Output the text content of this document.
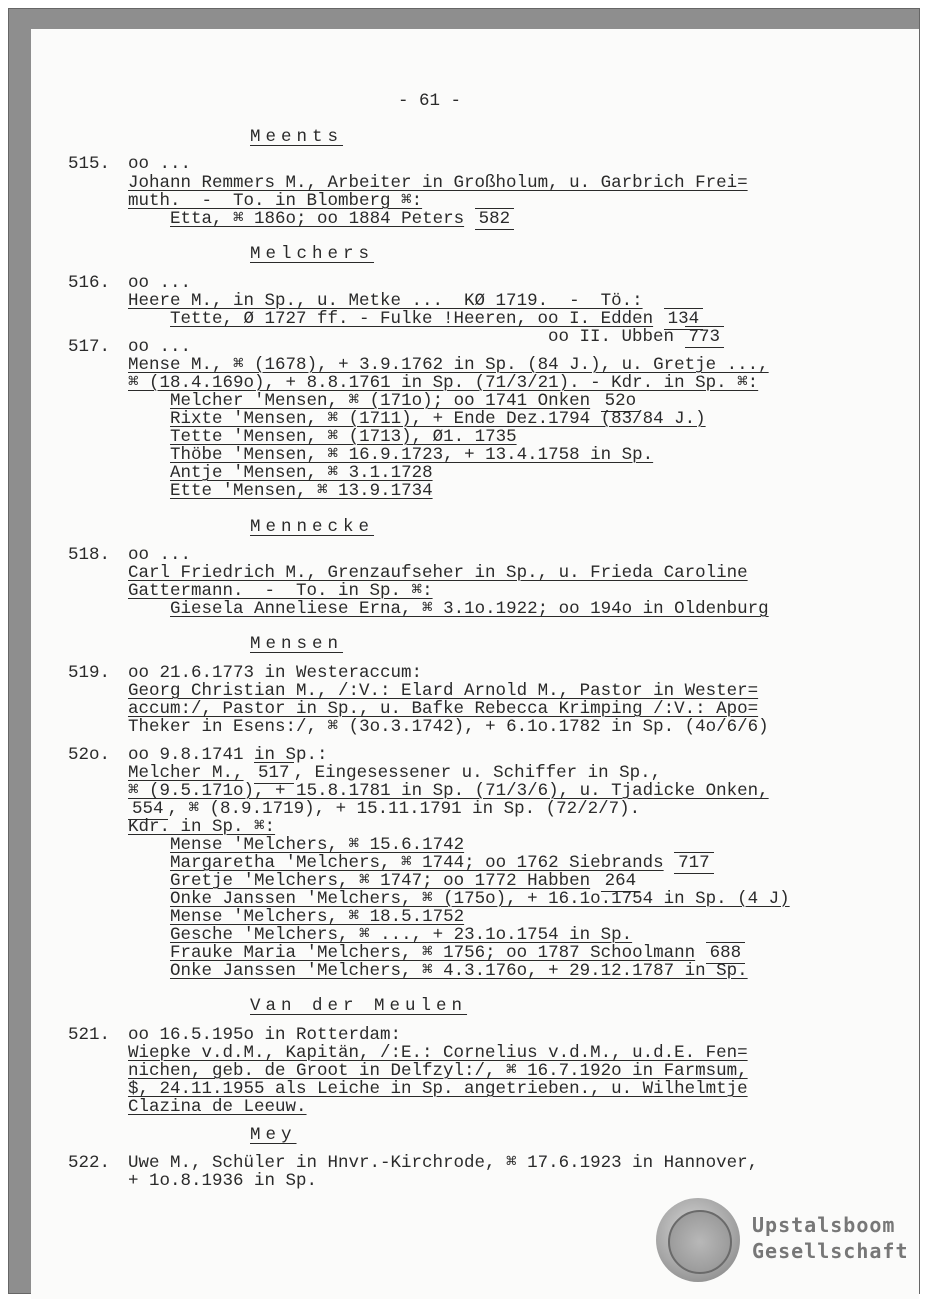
- 61 -

Meents

515.

oo ...

Johann Remmers M., Arbeiter in Großholum, u. Garbrich Frei=

muth.  -  To. in Blomberg ⌘:

Etta, ⌘ 186o; oo 1884 Peters 582

Melchers

516.

oo ...

Heere M., in Sp., u. Metke ...  KØ 1719.  -  Tö.:

Tette, Ø 1727 ff. - Fulke !Heeren, oo I. Edden 134

oo II. Ubben 773

517.

oo ...

Mense M., ⌘ (1678), + 3.9.1762 in Sp. (84 J.), u. Gretje ...,

⌘ (18.4.169o), + 8.8.1761 in Sp. (71/3/21). - Kdr. in Sp. ⌘:

Melcher 'Mensen, ⌘ (171o); oo 1741 Onken 52o

Rixte 'Mensen, ⌘ (1711), + Ende Dez.1794 (83/84 J.)

Tette 'Mensen, ⌘ (1713), Ø1. 1735

Thöbe 'Mensen, ⌘ 16.9.1723, + 13.4.1758 in Sp.

Antje 'Mensen, ⌘ 3.1.1728

Ette 'Mensen, ⌘ 13.9.1734

Mennecke

518.

oo ...

Carl Friedrich M., Grenzaufseher in Sp., u. Frieda Caroline

Gattermann.  -  To. in Sp. ⌘:

Giesela Anneliese Erna, ⌘ 3.1o.1922; oo 194o in Oldenburg

Mensen

519.

oo 21.6.1773 in Westeraccum:

Georg Christian M., /:V.: Elard Arnold M., Pastor in Wester=

accum:/, Pastor in Sp., u. Bafke Rebecca Krimping /:V.: Apo=

Theker in Esens:/, ⌘ (3o.3.1742), + 6.1o.1782 in Sp. (4o/6/6)

52o.

oo 9.8.1741 in Sp.:

Melcher M., 517 , Eingesessener u. Schiffer in Sp.,

⌘ (9.5.171o), + 15.8.1781 in Sp. (71/3/6), u. Tjadicke Onken,

554 , ⌘ (8.9.1719), + 15.11.1791 in Sp. (72/2/7).

Kdr. in Sp. ⌘:

Mense 'Melchers, ⌘ 15.6.1742

Margaretha 'Melchers, ⌘ 1744; oo 1762 Siebrands 717

Gretje 'Melchers, ⌘ 1747; oo 1772 Habben 264

Onke Janssen 'Melchers, ⌘ (175o), + 16.1o.1754 in Sp. (4 J)

Mense 'Melchers, ⌘ 18.5.1752

Gesche 'Melchers, ⌘ ..., + 23.1o.1754 in Sp.

Frauke Maria 'Melchers, ⌘ 1756; oo 1787 Schoolmann 688

Onke Janssen 'Melchers, ⌘ 4.3.176o, + 29.12.1787 in Sp.

Van der Meulen

521.

oo 16.5.195o in Rotterdam:

Wiepke v.d.M., Kapitän, /:E.: Cornelius v.d.M., u.d.E. Fen=

nichen, geb. de Groot in Delfzyl:/, ⌘ 16.7.192o in Farmsum,

$, 24.11.1955 als Leiche in Sp. angetrieben., u. Wilhelmtje

Clazina de Leeuw.

Mey

522.

Uwe M., Schüler in Hnvr.-Kirchrode, ⌘ 17.6.1923 in Hannover,

+ 1o.8.1936 in Sp.

Upstalsboom
Gesellschaft
